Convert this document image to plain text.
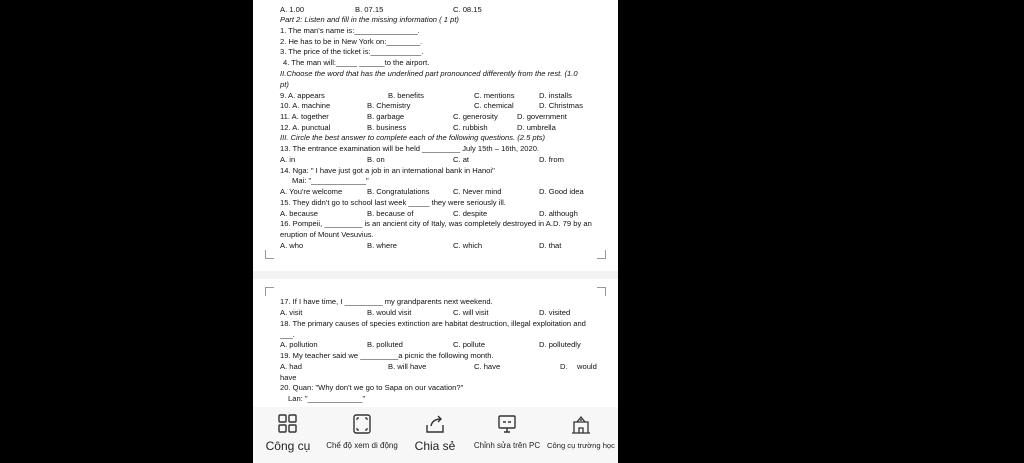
A. 1.00	B. 07.15	C. 08.15
Part 2: Listen and fill in the missing information ( 1 pt)
1. The man's name is:_______________.
2. He has to be in New York on:________.
3. The price of the ticket is:____________.
4. The man will:_____ ______to the airport.
II.Choose the word that has the underlined part pronounced differently from the rest. (1.0
pt)
9. A. appears	B. benefits	C. mentions	D. installs
10. A. machine	B. Chemistry	C. chemical	D. Christmas
11. A. together	B. garbage	C. generosity	D. government
12. A. punctual	B. business	C. rubbish	D. umbrella
III. Circle the best answer to complete each of the following questions. (2.5 pts)
13. The entrance examination will be held _________ July 15th – 16th, 2020.
A. in	B. on	C. at	D. from
14. Nga: " I have just got a job in an international bank in Hanoi"
Mai: "_____________"
A. You're welcome	B. Congratulations	C. Never mind	D. Good idea
15. They didn't go to school last week _____ they were seriously ill.
A. because	B. because of	C. despite	D. although
16. Pompeii, _________ is an ancient city of Italy, was completely destroyed in A.D. 79 by an
eruption of Mount Vesuvius.
A. who	B. where	C. which	D. that
17. If I have time, I _________ my grandparents next weekend.
A. visit	B. would visit	C. will visit	D. visited
18. The primary causes of species extinction are habitat destruction, illegal exploitation and
___.
A. pollution	B. polluted	C. pollute	D. pollutedly
19. My teacher said we _________a picnic the following month.
A. had	B. will have	C. have	D. would
have
20. Quan: "Why don't we go to Sapa on our vacation?"
Lan: "_____________"
Công cụ	Chế độ xem di động	Chia sẻ	Chỉnh sửa trên PC Công cụ trường học
